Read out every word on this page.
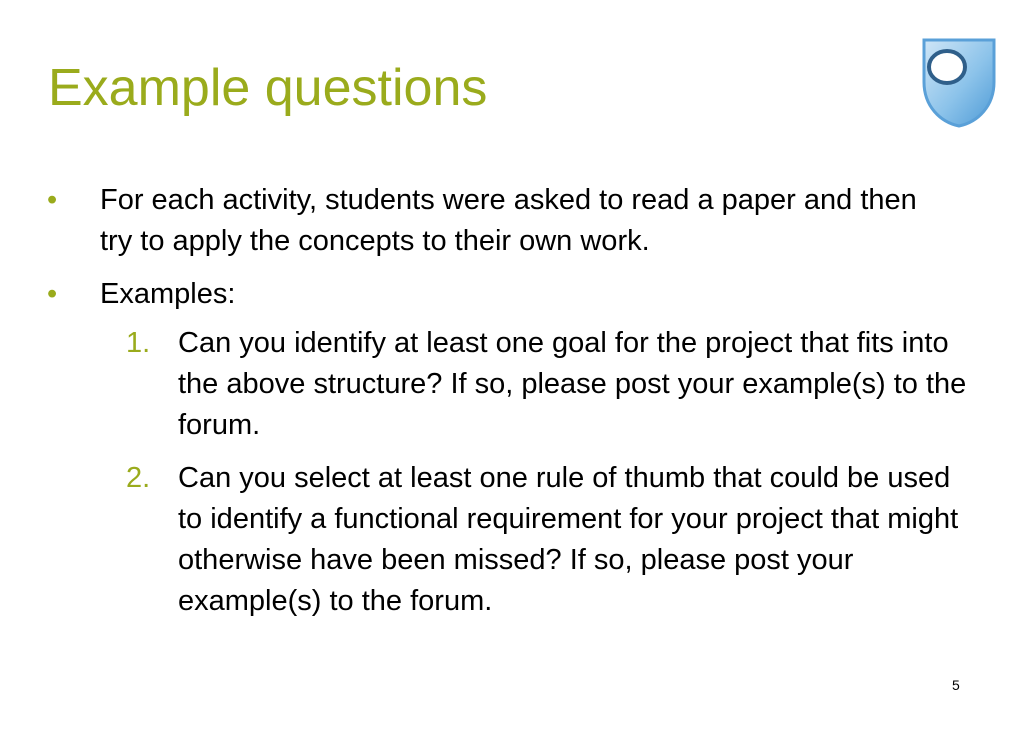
Example questions
• For each activity, students were asked to read a paper and then try to apply the concepts to their own work.
• Examples:
1. Can you identify at least one goal for the project that fits into the above structure? If so, please post your example(s) to the forum.
2. Can you select at least one rule of thumb that could be used to identify a functional requirement for your project that might otherwise have been missed? If so, please post your example(s) to the forum.
5
